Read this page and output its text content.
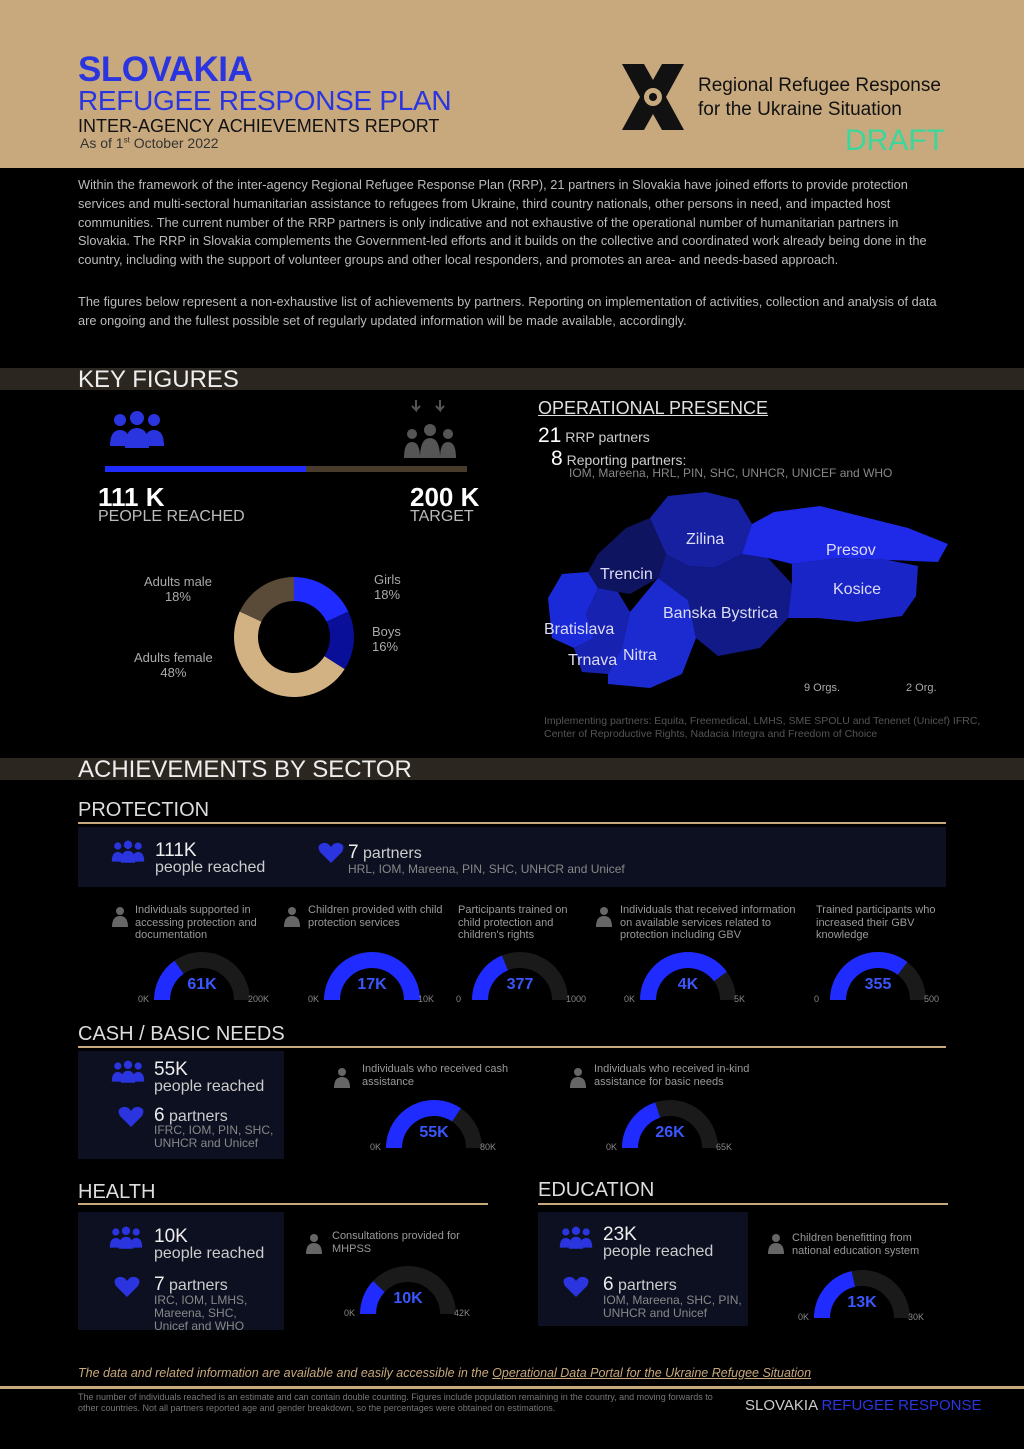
SLOVAKIA
REFUGEE RESPONSE PLAN
INTER-AGENCY ACHIEVEMENTS REPORT
As of 1st October 2022
Regional Refugee Response
for the Ukraine Situation
DRAFT

Within the framework of the inter-agency Regional Refugee Response Plan (RRP), 21 partners in Slovakia have joined efforts to provide protection services and multi-sectoral humanitarian assistance to refugees from Ukraine, third country nationals, other persons in need, and impacted host communities. The current number of the RRP partners is only indicative and not exhaustive of the operational number of humanitarian partners in Slovakia. The RRP in Slovakia complements the Government-led efforts and it builds on the collective and coordinated work already being done in the country, including with the support of volunteer groups and other local responders, and promotes an area- and needs-based approach.

The figures below represent a non-exhaustive list of achievements by partners. Reporting on implementation of activities, collection and analysis of data are ongoing and the fullest possible set of regularly updated information will be made available, accordingly.

KEY FIGURES
111 K
PEOPLE REACHED
200 K
TARGET
Adults male
18%
Adults female
48%
Girls
18%
Boys
16%
OPERATIONAL PRESENCE
21 RRP partners
8 Reporting partners:
IOM, Mareena, HRL, PIN, SHC, UNHCR, UNICEF and WHO
Zilina
Presov
Trencin
Kosice
Banska Bystrica
Bratislava
Trnava Nitra
9 Orgs.	2 Org.
Implementing partners: Equita, Freemedical, LMHS, SME SPOLU and Tenenet (Unicef) IFRC, Center of Reproductive Rights, Nadacia Integra and Freedom of Choice
ACHIEVEMENTS BY SECTOR
PROTECTION
111K
people reached
7 partners
HRL, IOM, Mareena, PIN, SHC, UNHCR and Unicef
Individuals supported in accessing protection and documentation
61K
0K	200K
Children provided with child protection services
17K
0K	10K
Participants trained on child protection and children's rights
377
0	1000
Individuals that received information on available services related to protection including GBV
4K
0K	5K
Trained participants who increased their GBV knowledge
355
0	500
CASH / BASIC NEEDS
55K
people reached
6 partners
IFRC, IOM, PIN, SHC, UNHCR and Unicef
Individuals who received cash assistance
55K
0K	80K
Individuals who received in-kind assistance for basic needs
26K
0K	65K
HEALTH
10K
people reached
7 partners
IRC, IOM, LMHS, Mareena, SHC, Unicef and WHO
Consultations provided for MHPSS
10K
0K	42K
EDUCATION
23K
people reached
6 partners
IOM, Mareena, SHC, PIN, UNHCR and Unicef
Children benefitting from national education system
13K
0K	30K
The data and related information are available and easily accessible in the Operational Data Portal for the Ukraine Refugee Situation
The number of individuals reached is an estimate and can contain double counting. Figures include population remaining in the country, and moving forwards to other countries. Not all partners reported age and gender breakdown, so the percentages were obtained on estimations.	SLOVAKIA REFUGEE RESPONSE
